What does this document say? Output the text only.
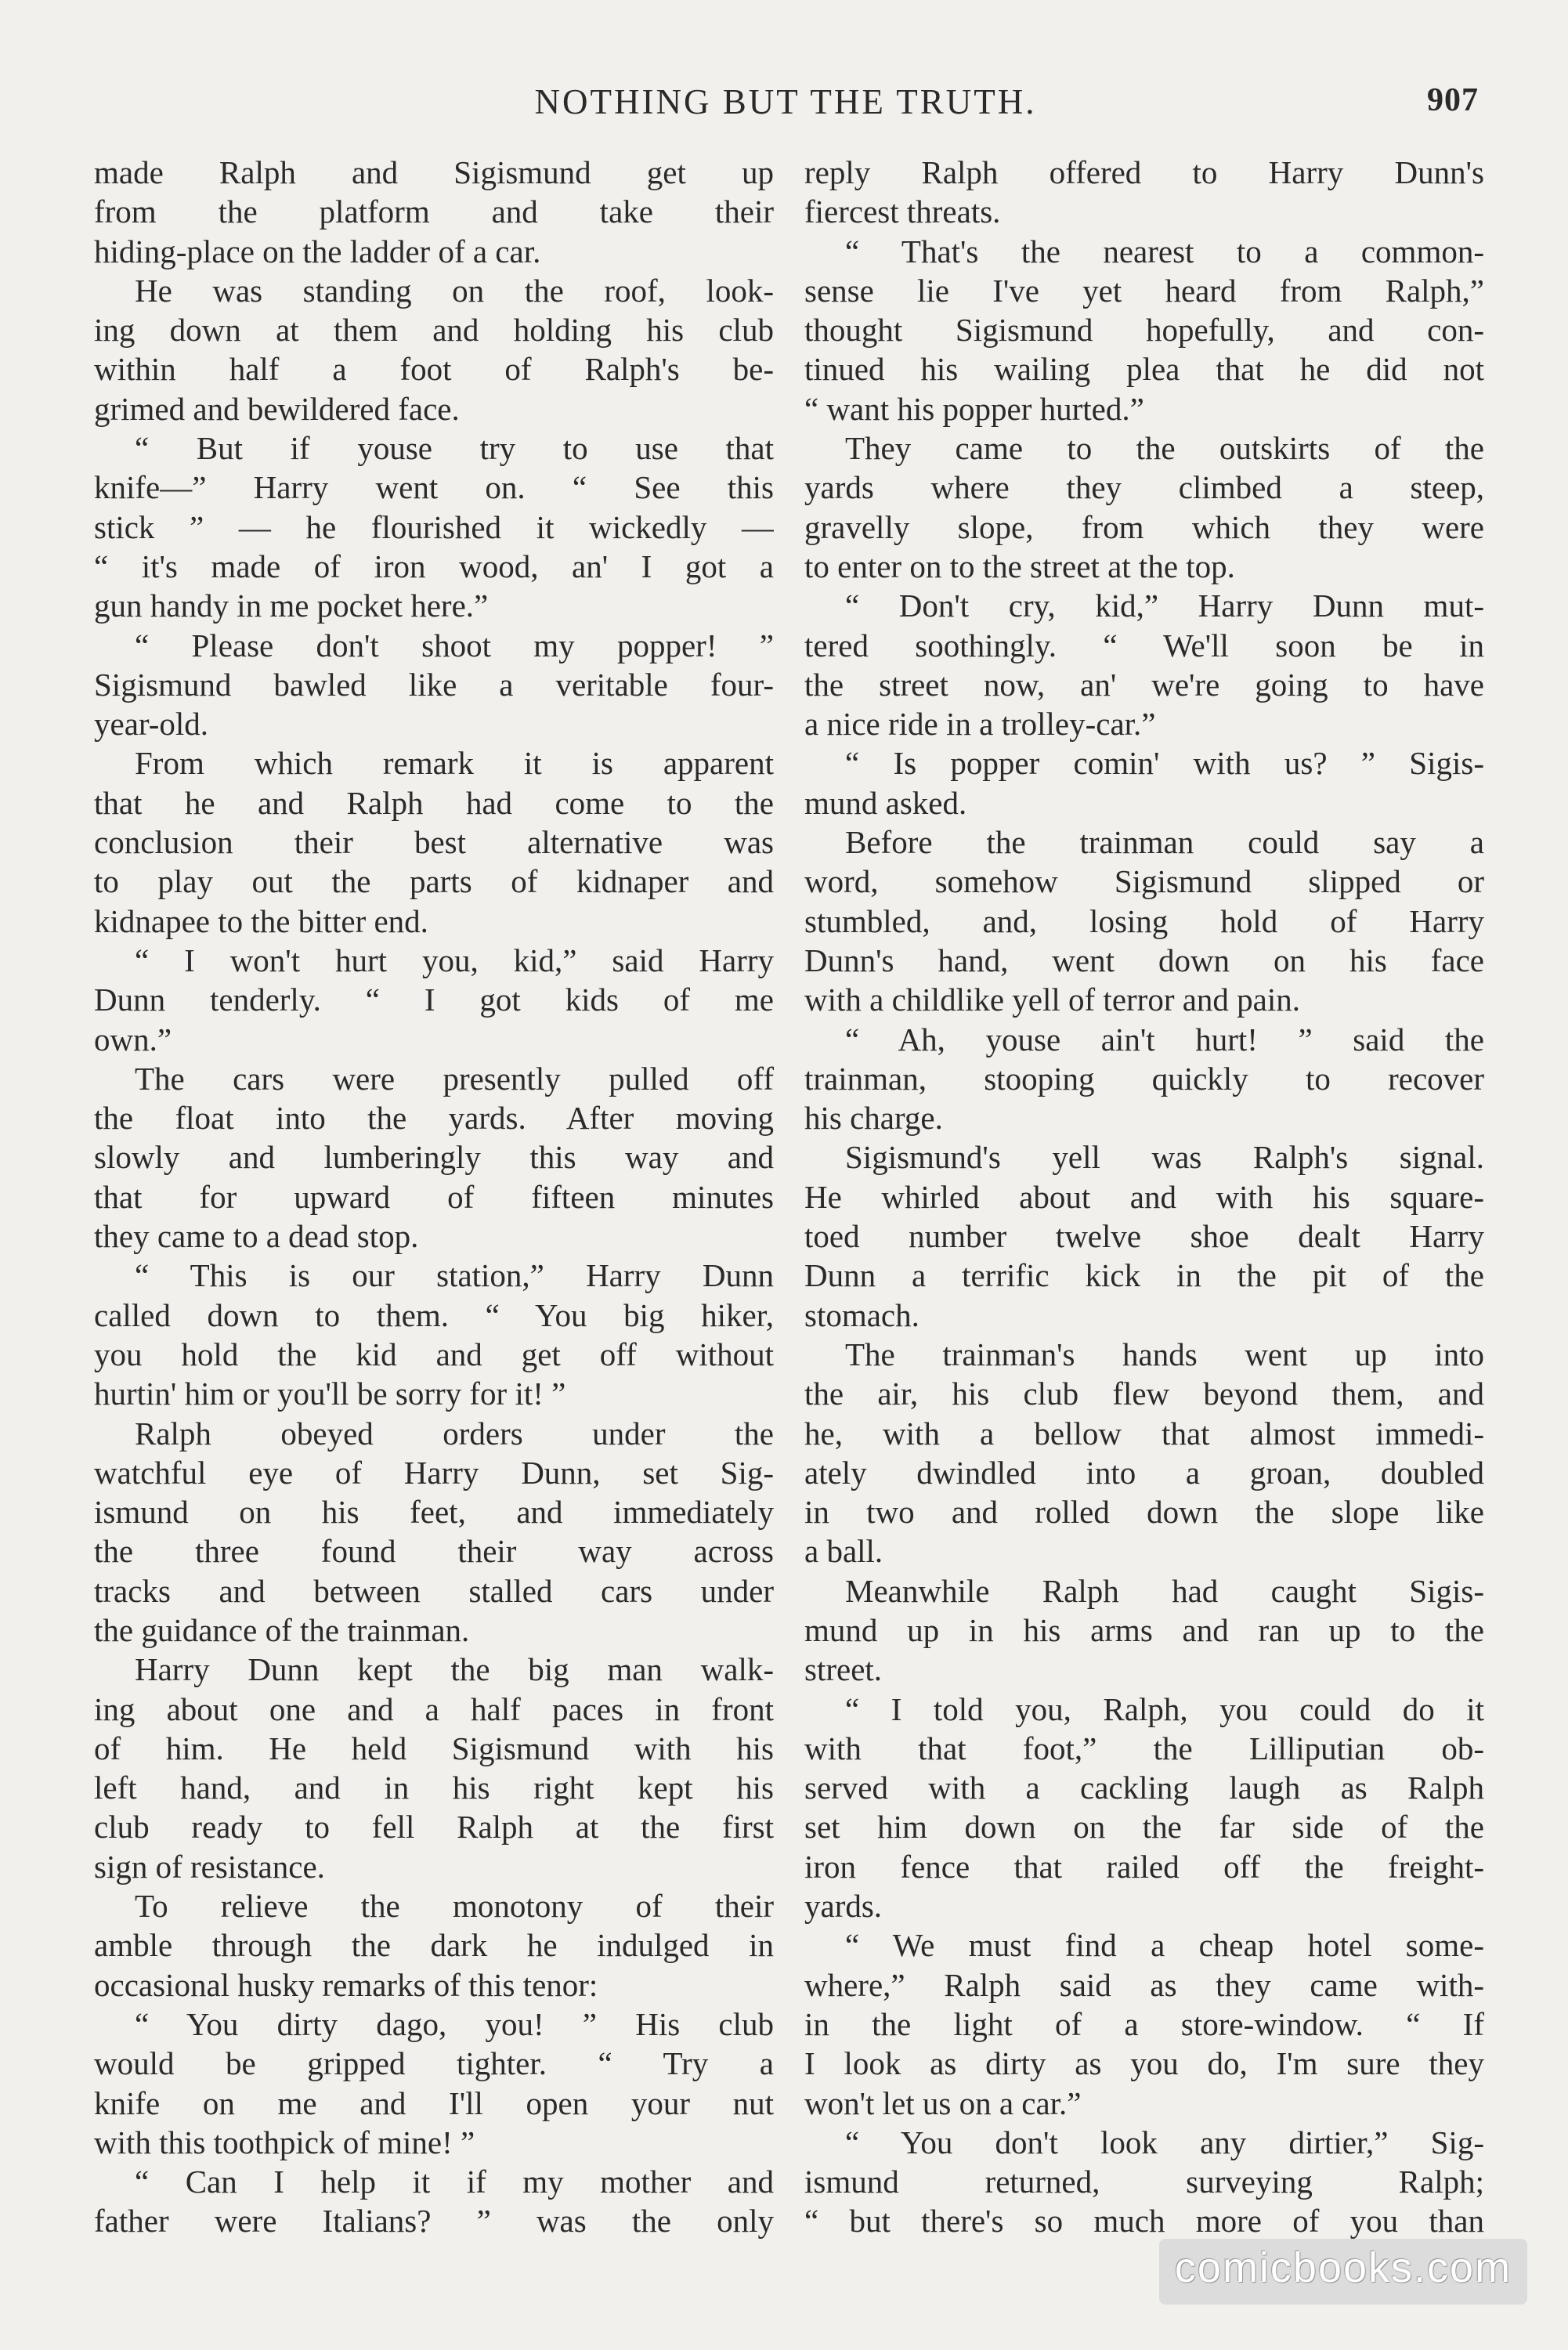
NOTHING BUT THE TRUTH.	907
made Ralph and Sigismund get up
from the platform and take their
hiding-place on the ladder of a car.
He was standing on the roof, look-
ing down at them and holding his club
within half a foot of Ralph's be-
grimed and bewildered face.
“ But if youse try to use that
knife—” Harry went on. “ See this
stick ” — he flourished it wickedly —
“ it's made of iron wood, an' I got a
gun handy in me pocket here.”
“ Please don't shoot my popper! ”
Sigismund bawled like a veritable four-
year-old.
From which remark it is apparent
that he and Ralph had come to the
conclusion their best alternative was
to play out the parts of kidnaper and
kidnapee to the bitter end.
“ I won't hurt you, kid,” said Harry
Dunn tenderly. “ I got kids of me
own.”
The cars were presently pulled off
the float into the yards. After moving
slowly and lumberingly this way and
that for upward of fifteen minutes
they came to a dead stop.
“ This is our station,” Harry Dunn
called down to them. “ You big hiker,
you hold the kid and get off without
hurtin' him or you'll be sorry for it! ”
Ralph obeyed orders under the
watchful eye of Harry Dunn, set Sig-
ismund on his feet, and immediately
the three found their way across
tracks and between stalled cars under
the guidance of the trainman.
Harry Dunn kept the big man walk-
ing about one and a half paces in front
of him. He held Sigismund with his
left hand, and in his right kept his
club ready to fell Ralph at the first
sign of resistance.
To relieve the monotony of their
amble through the dark he indulged in
occasional husky remarks of this tenor:
“ You dirty dago, you! ” His club
would be gripped tighter. “ Try a
knife on me and I'll open your nut
with this toothpick of mine! ”
“ Can I help it if my mother and
father were Italians? ” was the only
reply Ralph offered to Harry Dunn's
fiercest threats.
“ That's the nearest to a common-
sense lie I've yet heard from Ralph,”
thought Sigismund hopefully, and con-
tinued his wailing plea that he did not
“ want his popper hurted.”
They came to the outskirts of the
yards where they climbed a steep,
gravelly slope, from which they were
to enter on to the street at the top.
“ Don't cry, kid,” Harry Dunn mut-
tered soothingly. “ We'll soon be in
the street now, an' we're going to have
a nice ride in a trolley-car.”
“ Is popper comin' with us? ” Sigis-
mund asked.
Before the trainman could say a
word, somehow Sigismund slipped or
stumbled, and, losing hold of Harry
Dunn's hand, went down on his face
with a childlike yell of terror and pain.
“ Ah, youse ain't hurt! ” said the
trainman, stooping quickly to recover
his charge.
Sigismund's yell was Ralph's signal.
He whirled about and with his square-
toed number twelve shoe dealt Harry
Dunn a terrific kick in the pit of the
stomach.
The trainman's hands went up into
the air, his club flew beyond them, and
he, with a bellow that almost immedi-
ately dwindled into a groan, doubled
in two and rolled down the slope like
a ball.
Meanwhile Ralph had caught Sigis-
mund up in his arms and ran up to the
street.
“ I told you, Ralph, you could do it
with that foot,” the Lilliputian ob-
served with a cackling laugh as Ralph
set him down on the far side of the
iron fence that railed off the freight-
yards.
“ We must find a cheap hotel some-
where,” Ralph said as they came with-
in the light of a store-window. “ If
I look as dirty as you do, I'm sure they
won't let us on a car.”
“ You don't look any dirtier,” Sig-
ismund returned, surveying Ralph;
“ but there's so much more of you than
comicbooks.com
